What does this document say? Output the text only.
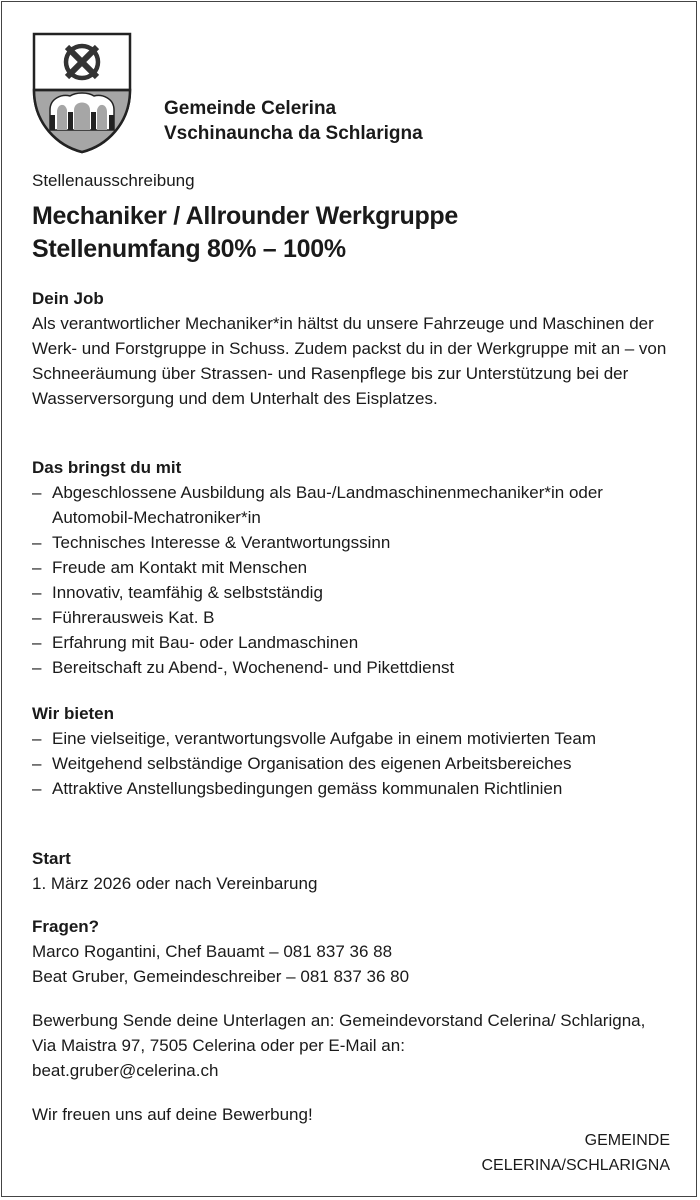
Gemeinde Celerina
Vschinauncha da Schlarigna
Stellenausschreibung
Mechaniker / Allrounder Werkgruppe
Stellenumfang 80% – 100%
Dein Job

Als verantwortlicher Mechaniker*in hältst du unsere Fahrzeuge und Maschinen der Werk- und Forstgruppe in Schuss. Zudem packst du in der Werkgruppe mit an – von Schneeräumung über Strassen- und Rasenpflege bis zur Unterstützung bei der Wasserversorgung und dem Unterhalt des Eisplatzes.

Das bringst du mit
– Abgeschlossene Ausbildung als Bau-/Landmaschinenmechaniker*in oder Automobil-Mechatroniker*in
– Technisches Interesse & Verantwortungssinn
– Freude am Kontakt mit Menschen
– Innovativ, teamfähig & selbstständig
– Führerausweis Kat. B
– Erfahrung mit Bau- oder Landmaschinen
– Bereitschaft zu Abend-, Wochenend- und Pikettdienst
Wir bieten
– Eine vielseitige, verantwortungsvolle Aufgabe in einem motivierten Team
– Weitgehend selbständige Organisation des eigenen Arbeitsbereiches
– Attraktive Anstellungsbedingungen gemäss kommunalen Richtlinien
Start

1. März 2026 oder nach Vereinbarung

Fragen?

Marco Rogantini, Chef Bauamt – 081 837 36 88

Beat Gruber, Gemeindeschreiber – 081 837 36 80

Bewerbung Sende deine Unterlagen an: Gemeindevorstand Celerina/ Schlarigna, Via Maistra 97, 7505 Celerina oder per E-Mail an:

beat.gruber@celerina.ch

Wir freuen uns auf deine Bewerbung!

GEMEINDE
CELERINA/SCHLARIGNA
